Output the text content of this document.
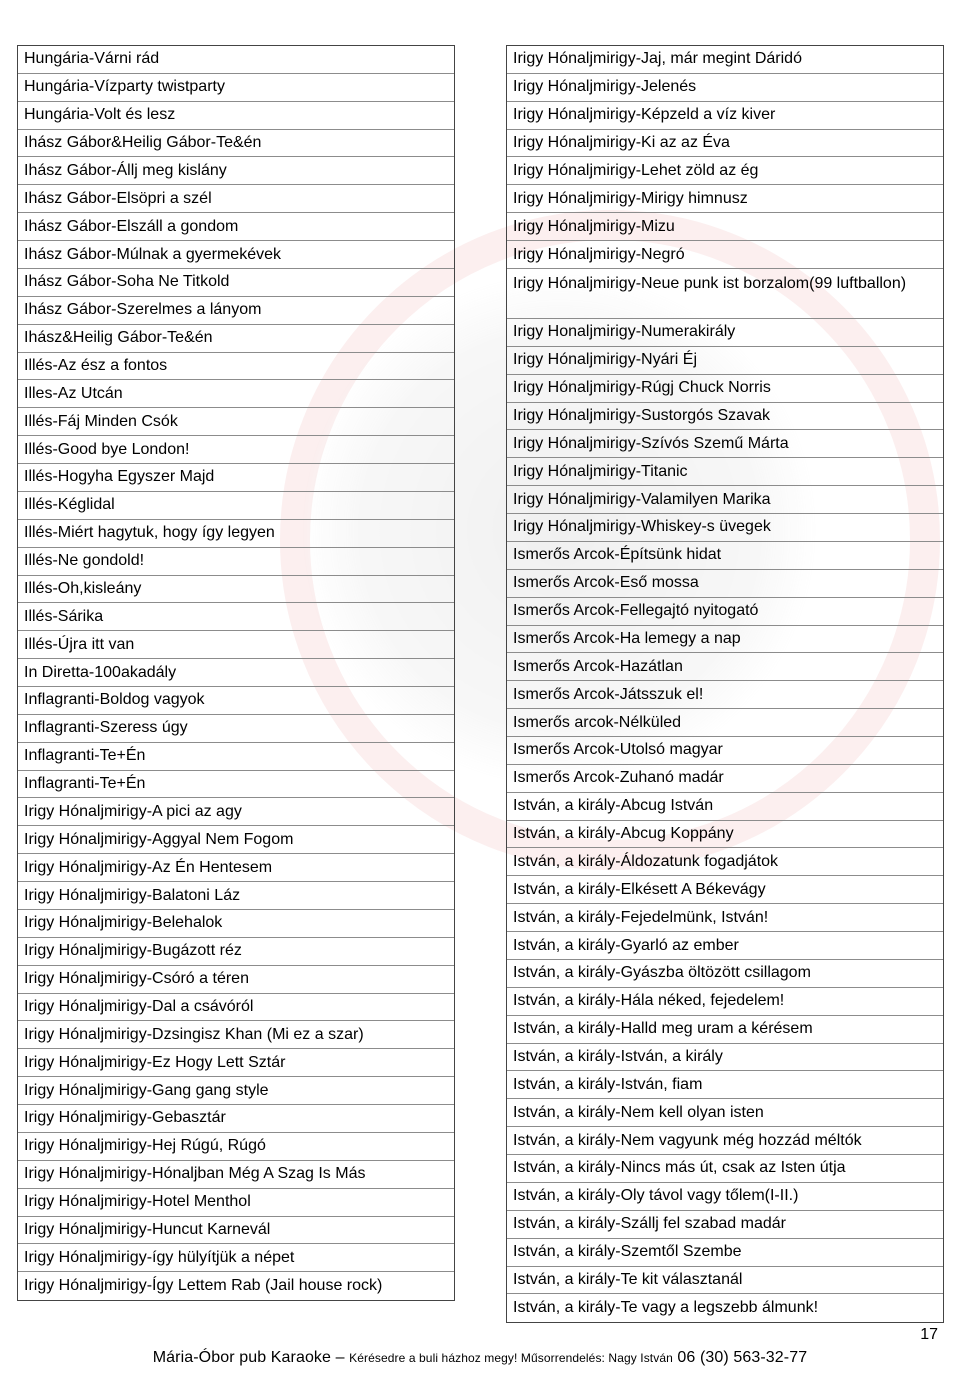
Hungária-Várni rád
Hungária-Vízparty twistparty
Hungária-Volt és lesz
Ihász Gábor&Heilig Gábor-Te&én
Ihász Gábor-Állj meg kislány
Ihász Gábor-Elsöpri a szél
Ihász Gábor-Elszáll a gondom
Ihász Gábor-Múlnak a gyermekévek
Ihász Gábor-Soha Ne Titkold
Ihász Gábor-Szerelmes a lányom
Ihász&Heilig Gábor-Te&én
Illés-Az ész a fontos
Illes-Az Utcán
Illés-Fáj Minden Csók
Illés-Good bye London!
Illés-Hogyha Egyszer Majd
Illés-Kéglidal
Illés-Miért hagytuk, hogy így legyen
Illés-Ne gondold!
Illés-Oh,kisleány
Illés-Sárika
Illés-Újra itt van
In Diretta-100akadály
Inflagranti-Boldog vagyok
Inflagranti-Szeress úgy
Inflagranti-Te+Én
Inflagranti-Te+Én
Irigy Hónaljmirigy-A pici az agy
Irigy Hónaljmirigy-Aggyal Nem Fogom
Irigy Hónaljmirigy-Az Én Hentesem
Irigy Hónaljmirigy-Balatoni Láz
Irigy Hónaljmirigy-Belehalok
Irigy Hónaljmirigy-Bugázott réz
Irigy Hónaljmirigy-Csóró a téren
Irigy Hónaljmirigy-Dal a csávóról
Irigy Hónaljmirigy-Dzsingisz Khan (Mi ez a szar)
Irigy Hónaljmirigy-Ez Hogy Lett Sztár
Irigy Hónaljmirigy-Gang gang style
Irigy Hónaljmirigy-Gebasztár
Irigy Hónaljmirigy-Hej Rúgú, Rúgó
Irigy Hónaljmirigy-Hónaljban Még A Szag Is Más
Irigy Hónaljmirigy-Hotel Menthol
Irigy Hónaljmirigy-Huncut Karnevál
Irigy Hónaljmirigy-így hülyítjük a népet
Irigy Hónaljmirigy-Így Lettem Rab (Jail house rock)
Irigy Hónaljmirigy-Jaj, már megint Dáridó
Irigy Hónaljmirigy-Jelenés
Irigy Hónaljmirigy-Képzeld a víz kiver
Irigy Hónaljmirigy-Ki az az Éva
Irigy Hónaljmirigy-Lehet zöld az ég
Irigy Hónaljmirigy-Mirigy himnusz
Irigy Hónaljmirigy-Mizu
Irigy Hónaljmirigy-Negró
Irigy Hónaljmirigy-Neue punk ist borzalom(99 luftballon)
Irigy Honaljmirigy-Numerakirály
Irigy Hónaljmirigy-Nyári Éj
Irigy Hónaljmirigy-Rúgj Chuck Norris
Irigy Hónaljmirigy-Sustorgós Szavak
Irigy Hónaljmirigy-Szívós Szemű Márta
Irigy Hónaljmirigy-Titanic
Irigy Hónaljmirigy-Valamilyen Marika
Irigy Hónaljmirigy-Whiskey-s üvegek
Ismerős Arcok-Építsünk hidat
Ismerős Arcok-Eső mossa
Ismerős Arcok-Fellegajtó nyitogató
Ismerős Arcok-Ha lemegy a nap
Ismerős Arcok-Hazátlan
Ismerős Arcok-Játsszuk el!
Ismerős arcok-Nélküled
Ismerős Arcok-Utolsó magyar
Ismerős Arcok-Zuhanó madár
István, a király-Abcug István
István, a király-Abcug Koppány
István, a király-Áldozatunk fogadjátok
István, a király-Elkésett A Békevágy
István, a király-Fejedelmünk, István!
István, a király-Gyarló az ember
István, a király-Gyászba öltözött csillagom
István, a király-Hála néked, fejedelem!
István, a király-Halld meg uram a kérésem
István, a király-István, a király
István, a király-István, fiam
István, a király-Nem kell olyan isten
István, a király-Nem vagyunk még hozzád méltók
István, a király-Nincs más út, csak az Isten útja
István, a király-Oly távol vagy tőlem(I-II.)
István, a király-Szállj fel szabad madár
István, a király-Szemtől Szembe
István, a király-Te kit választanál
István, a király-Te vagy a legszebb álmunk!
17
Mária-Óbor pub Karaoke – Kérésedre a buli házhoz megy! Műsorrendelés: Nagy István 06 (30) 563-32-77
